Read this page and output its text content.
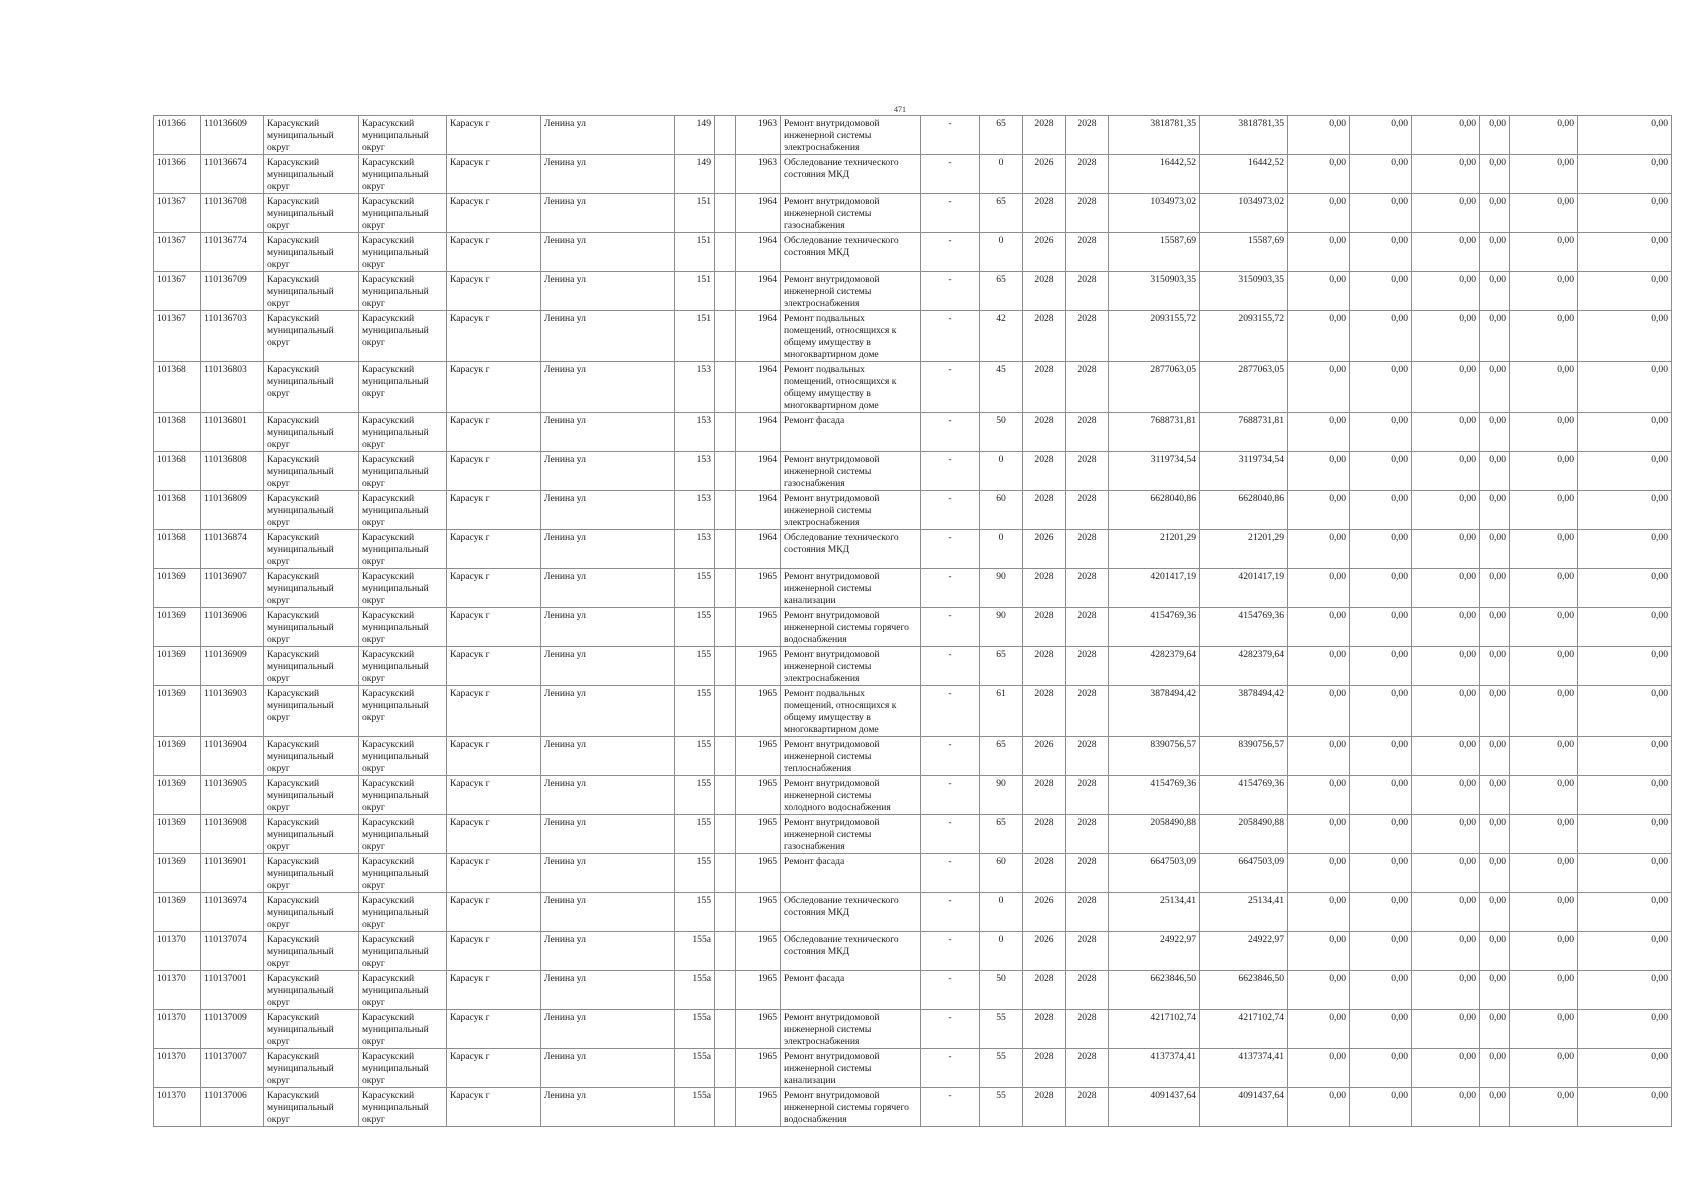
471
101366	110136609	Карасукский
муниципальный
округ	Карасукский
муниципальный
округ	Карасук г	Ленина ул	149		1963	Ремонт внутридомовой
инженерной системы
электроснабжения	-	65	2028	2028	3818781,35	3818781,35	0,00	0,00	0,00	0,00	0,00	0,00
101366	110136674	Карасукский
муниципальный
округ	Карасукский
муниципальный
округ	Карасук г	Ленина ул	149		1963	Обследование технического
состояния МКД	-	0	2026	2028	16442,52	16442,52	0,00	0,00	0,00	0,00	0,00	0,00
101367	110136708	Карасукский
муниципальный
округ	Карасукский
муниципальный
округ	Карасук г	Ленина ул	151		1964	Ремонт внутридомовой
инженерной системы
газоснабжения	-	65	2028	2028	1034973,02	1034973,02	0,00	0,00	0,00	0,00	0,00	0,00
101367	110136774	Карасукский
муниципальный
округ	Карасукский
муниципальный
округ	Карасук г	Ленина ул	151		1964	Обследование технического
состояния МКД	-	0	2026	2028	15587,69	15587,69	0,00	0,00	0,00	0,00	0,00	0,00
101367	110136709	Карасукский
муниципальный
округ	Карасукский
муниципальный
округ	Карасук г	Ленина ул	151		1964	Ремонт внутридомовой
инженерной системы
электроснабжения	-	65	2028	2028	3150903,35	3150903,35	0,00	0,00	0,00	0,00	0,00	0,00
101367	110136703	Карасукский
муниципальный
округ	Карасукский
муниципальный
округ	Карасук г	Ленина ул	151		1964	Ремонт подвальных
помещений, относящихся к
общему имуществу в
многоквартирном доме	-	42	2028	2028	2093155,72	2093155,72	0,00	0,00	0,00	0,00	0,00	0,00
101368	110136803	Карасукский
муниципальный
округ	Карасукский
муниципальный
округ	Карасук г	Ленина ул	153		1964	Ремонт подвальных
помещений, относящихся к
общему имуществу в
многоквартирном доме	-	45	2028	2028	2877063,05	2877063,05	0,00	0,00	0,00	0,00	0,00	0,00
101368	110136801	Карасукский
муниципальный
округ	Карасукский
муниципальный
округ	Карасук г	Ленина ул	153		1964	Ремонт фасада	-	50	2028	2028	7688731,81	7688731,81	0,00	0,00	0,00	0,00	0,00	0,00
101368	110136808	Карасукский
муниципальный
округ	Карасукский
муниципальный
округ	Карасук г	Ленина ул	153		1964	Ремонт внутридомовой
инженерной системы
газоснабжения	-	0	2028	2028	3119734,54	3119734,54	0,00	0,00	0,00	0,00	0,00	0,00
101368	110136809	Карасукский
муниципальный
округ	Карасукский
муниципальный
округ	Карасук г	Ленина ул	153		1964	Ремонт внутридомовой
инженерной системы
электроснабжения	-	60	2028	2028	6628040,86	6628040,86	0,00	0,00	0,00	0,00	0,00	0,00
101368	110136874	Карасукский
муниципальный
округ	Карасукский
муниципальный
округ	Карасук г	Ленина ул	153		1964	Обследование технического
состояния МКД	-	0	2026	2028	21201,29	21201,29	0,00	0,00	0,00	0,00	0,00	0,00
101369	110136907	Карасукский
муниципальный
округ	Карасукский
муниципальный
округ	Карасук г	Ленина ул	155		1965	Ремонт внутридомовой
инженерной системы
канализации	-	90	2028	2028	4201417,19	4201417,19	0,00	0,00	0,00	0,00	0,00	0,00
101369	110136906	Карасукский
муниципальный
округ	Карасукский
муниципальный
округ	Карасук г	Ленина ул	155		1965	Ремонт внутридомовой
инженерной системы горячего
водоснабжения	-	90	2028	2028	4154769,36	4154769,36	0,00	0,00	0,00	0,00	0,00	0,00
101369	110136909	Карасукский
муниципальный
округ	Карасукский
муниципальный
округ	Карасук г	Ленина ул	155		1965	Ремонт внутридомовой
инженерной системы
электроснабжения	-	65	2028	2028	4282379,64	4282379,64	0,00	0,00	0,00	0,00	0,00	0,00
101369	110136903	Карасукский
муниципальный
округ	Карасукский
муниципальный
округ	Карасук г	Ленина ул	155		1965	Ремонт подвальных
помещений, относящихся к
общему имуществу в
многоквартирном доме	-	61	2028	2028	3878494,42	3878494,42	0,00	0,00	0,00	0,00	0,00	0,00
101369	110136904	Карасукский
муниципальный
округ	Карасукский
муниципальный
округ	Карасук г	Ленина ул	155		1965	Ремонт внутридомовой
инженерной системы
теплоснабжения	-	65	2026	2028	8390756,57	8390756,57	0,00	0,00	0,00	0,00	0,00	0,00
101369	110136905	Карасукский
муниципальный
округ	Карасукский
муниципальный
округ	Карасук г	Ленина ул	155		1965	Ремонт внутридомовой
инженерной системы
холодного водоснабжения	-	90	2028	2028	4154769,36	4154769,36	0,00	0,00	0,00	0,00	0,00	0,00
101369	110136908	Карасукский
муниципальный
округ	Карасукский
муниципальный
округ	Карасук г	Ленина ул	155		1965	Ремонт внутридомовой
инженерной системы
газоснабжения	-	65	2028	2028	2058490,88	2058490,88	0,00	0,00	0,00	0,00	0,00	0,00
101369	110136901	Карасукский
муниципальный
округ	Карасукский
муниципальный
округ	Карасук г	Ленина ул	155		1965	Ремонт фасада	-	60	2028	2028	6647503,09	6647503,09	0,00	0,00	0,00	0,00	0,00	0,00
101369	110136974	Карасукский
муниципальный
округ	Карасукский
муниципальный
округ	Карасук г	Ленина ул	155		1965	Обследование технического
состояния МКД	-	0	2026	2028	25134,41	25134,41	0,00	0,00	0,00	0,00	0,00	0,00
101370	110137074	Карасукский
муниципальный
округ	Карасукский
муниципальный
округ	Карасук г	Ленина ул	155а		1965	Обследование технического
состояния МКД	-	0	2026	2028	24922,97	24922,97	0,00	0,00	0,00	0,00	0,00	0,00
101370	110137001	Карасукский
муниципальный
округ	Карасукский
муниципальный
округ	Карасук г	Ленина ул	155а		1965	Ремонт фасада	-	50	2028	2028	6623846,50	6623846,50	0,00	0,00	0,00	0,00	0,00	0,00
101370	110137009	Карасукский
муниципальный
округ	Карасукский
муниципальный
округ	Карасук г	Ленина ул	155а		1965	Ремонт внутридомовой
инженерной системы
электроснабжения	-	55	2028	2028	4217102,74	4217102,74	0,00	0,00	0,00	0,00	0,00	0,00
101370	110137007	Карасукский
муниципальный
округ	Карасукский
муниципальный
округ	Карасук г	Ленина ул	155а		1965	Ремонт внутридомовой
инженерной системы
канализации	-	55	2028	2028	4137374,41	4137374,41	0,00	0,00	0,00	0,00	0,00	0,00
101370	110137006	Карасукский
муниципальный
округ	Карасукский
муниципальный
округ	Карасук г	Ленина ул	155а		1965	Ремонт внутридомовой
инженерной системы горячего
водоснабжения	-	55	2028	2028	4091437,64	4091437,64	0,00	0,00	0,00	0,00	0,00	0,00
